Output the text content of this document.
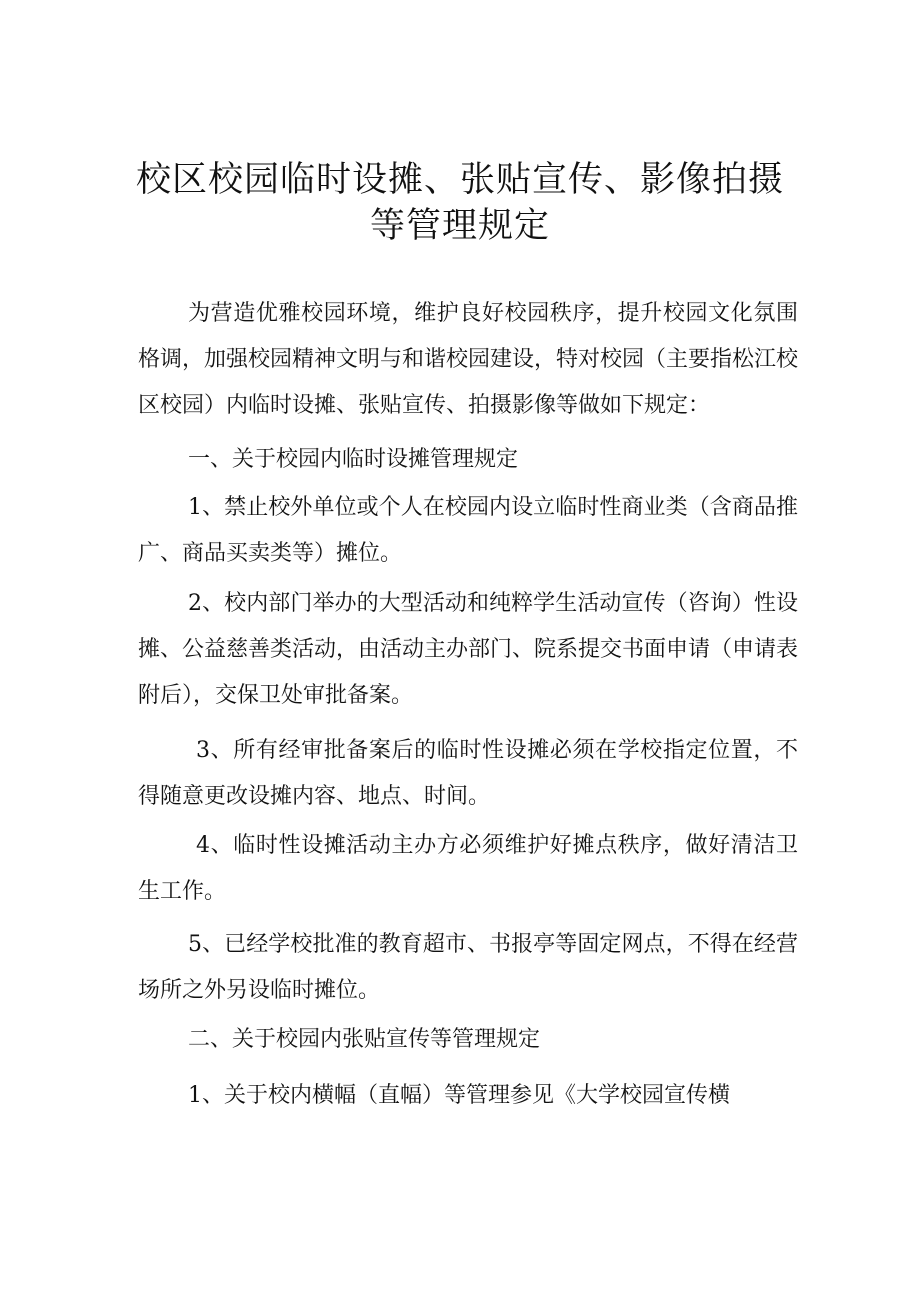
校区校园临时设摊、张贴宣传、影像拍摄
等管理规定
为营造优雅校园环境，维护良好校园秩序，提升校园文化氛围格调，加强校园精神文明与和谐校园建设，特对校园（主要指松江校区校园）内临时设摊、张贴宣传、拍摄影像等做如下规定：
一、关于校园内临时设摊管理规定
1、禁止校外单位或个人在校园内设立临时性商业类（含商品推广、商品买卖类等）摊位。
2、校内部门举办的大型活动和纯粹学生活动宣传（咨询）性设摊、公益慈善类活动，由活动主办部门、院系提交书面申请（申请表附后），交保卫处审批备案。
3、所有经审批备案后的临时性设摊必须在学校指定位置，不得随意更改设摊内容、地点、时间。
4、临时性设摊活动主办方必须维护好摊点秩序，做好清洁卫生工作。
5、已经学校批准的教育超市、书报亭等固定网点，不得在经营场所之外另设临时摊位。
二、关于校园内张贴宣传等管理规定
1、关于校内横幅（直幅）等管理参见《大学校园宣传横
